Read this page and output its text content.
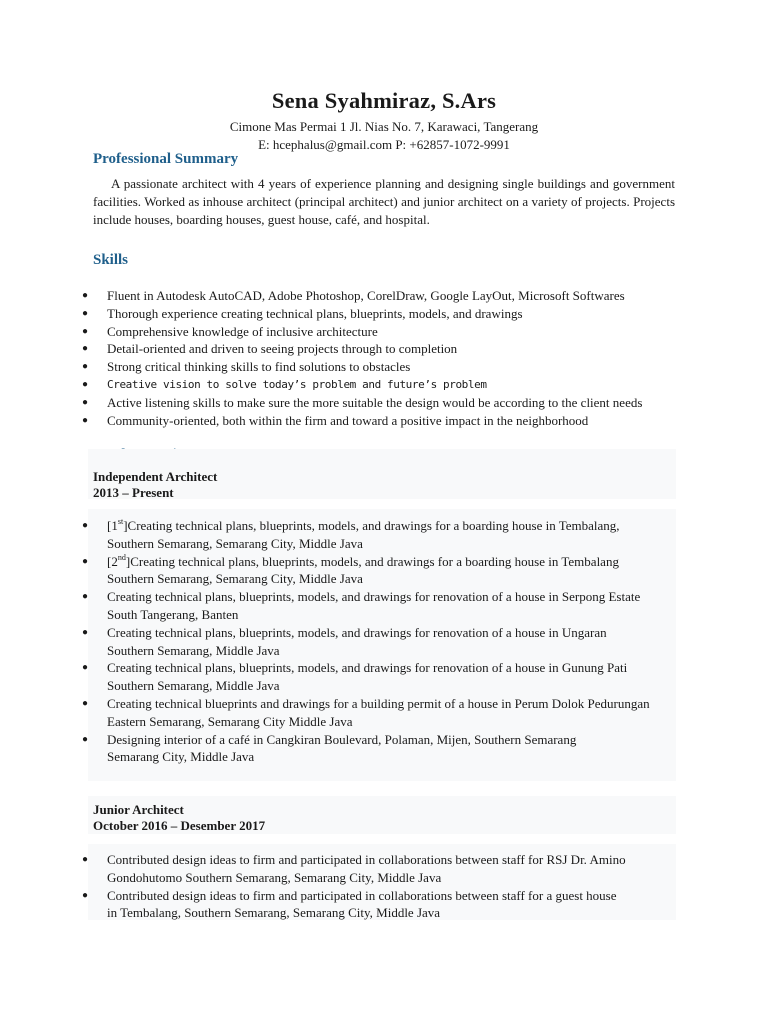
Sena Syahmiraz, S.Ars
Cimone Mas Permai 1 Jl. Nias No. 7, Karawaci, Tangerang
E: hcephalus@gmail.com P: +62857-1072-9991
Professional Summary
A passionate architect with 4 years of experience planning and designing single buildings and government facilities. Worked as inhouse architect (principal architect) and junior architect on a variety of projects. Projects include houses, boarding houses, guest house, café, and hospital.
Skills
●	Fluent in Autodesk AutoCAD, Adobe Photoshop, CorelDraw, Google LayOut, Microsoft Softwares
●	Thorough experience creating technical plans, blueprints, models, and drawings
●	Comprehensive knowledge of inclusive architecture
●	Detail-oriented and driven to seeing projects through to completion
●	Strong critical thinking skills to find solutions to obstacles
●	Creative vision to solve today’s problem and future’s problem
●	Active listening skills to make sure the more suitable the design would be according to the client needs
●	Community-oriented, both within the firm and toward a positive impact in the neighborhood
Independent Architect
2013 – Present
● [1st]Creating technical plans, blueprints, models, and drawings for a boarding house in Tembalang,
Southern Semarang, Semarang City, Middle Java
● [2nd]Creating technical plans, blueprints, models, and drawings for a boarding house in Tembalang
Southern Semarang, Semarang City, Middle Java
● Creating technical plans, blueprints, models, and drawings for renovation of a house in Serpong Estate
South Tangerang, Banten
● Creating technical plans, blueprints, models, and drawings for renovation of a house in Ungaran
Southern Semarang, Middle Java
● Creating technical plans, blueprints, models, and drawings for renovation of a house in Gunung Pati
Southern Semarang, Middle Java
● Creating technical blueprints and drawings for a building permit of a house in Perum Dolok Pedurungan
Eastern Semarang, Semarang City Middle Java
● Designing interior of a café in Cangkiran Boulevard, Polaman, Mijen, Southern Semarang
Semarang City, Middle Java
Junior Architect
October 2016 – Desember 2017
● Contributed design ideas to firm and participated in collaborations between staff for RSJ Dr. Amino
Gondohutomo Southern Semarang, Semarang City, Middle Java
● Contributed design ideas to firm and participated in collaborations between staff for a guest house
in Tembalang, Southern Semarang, Semarang City, Middle Java
